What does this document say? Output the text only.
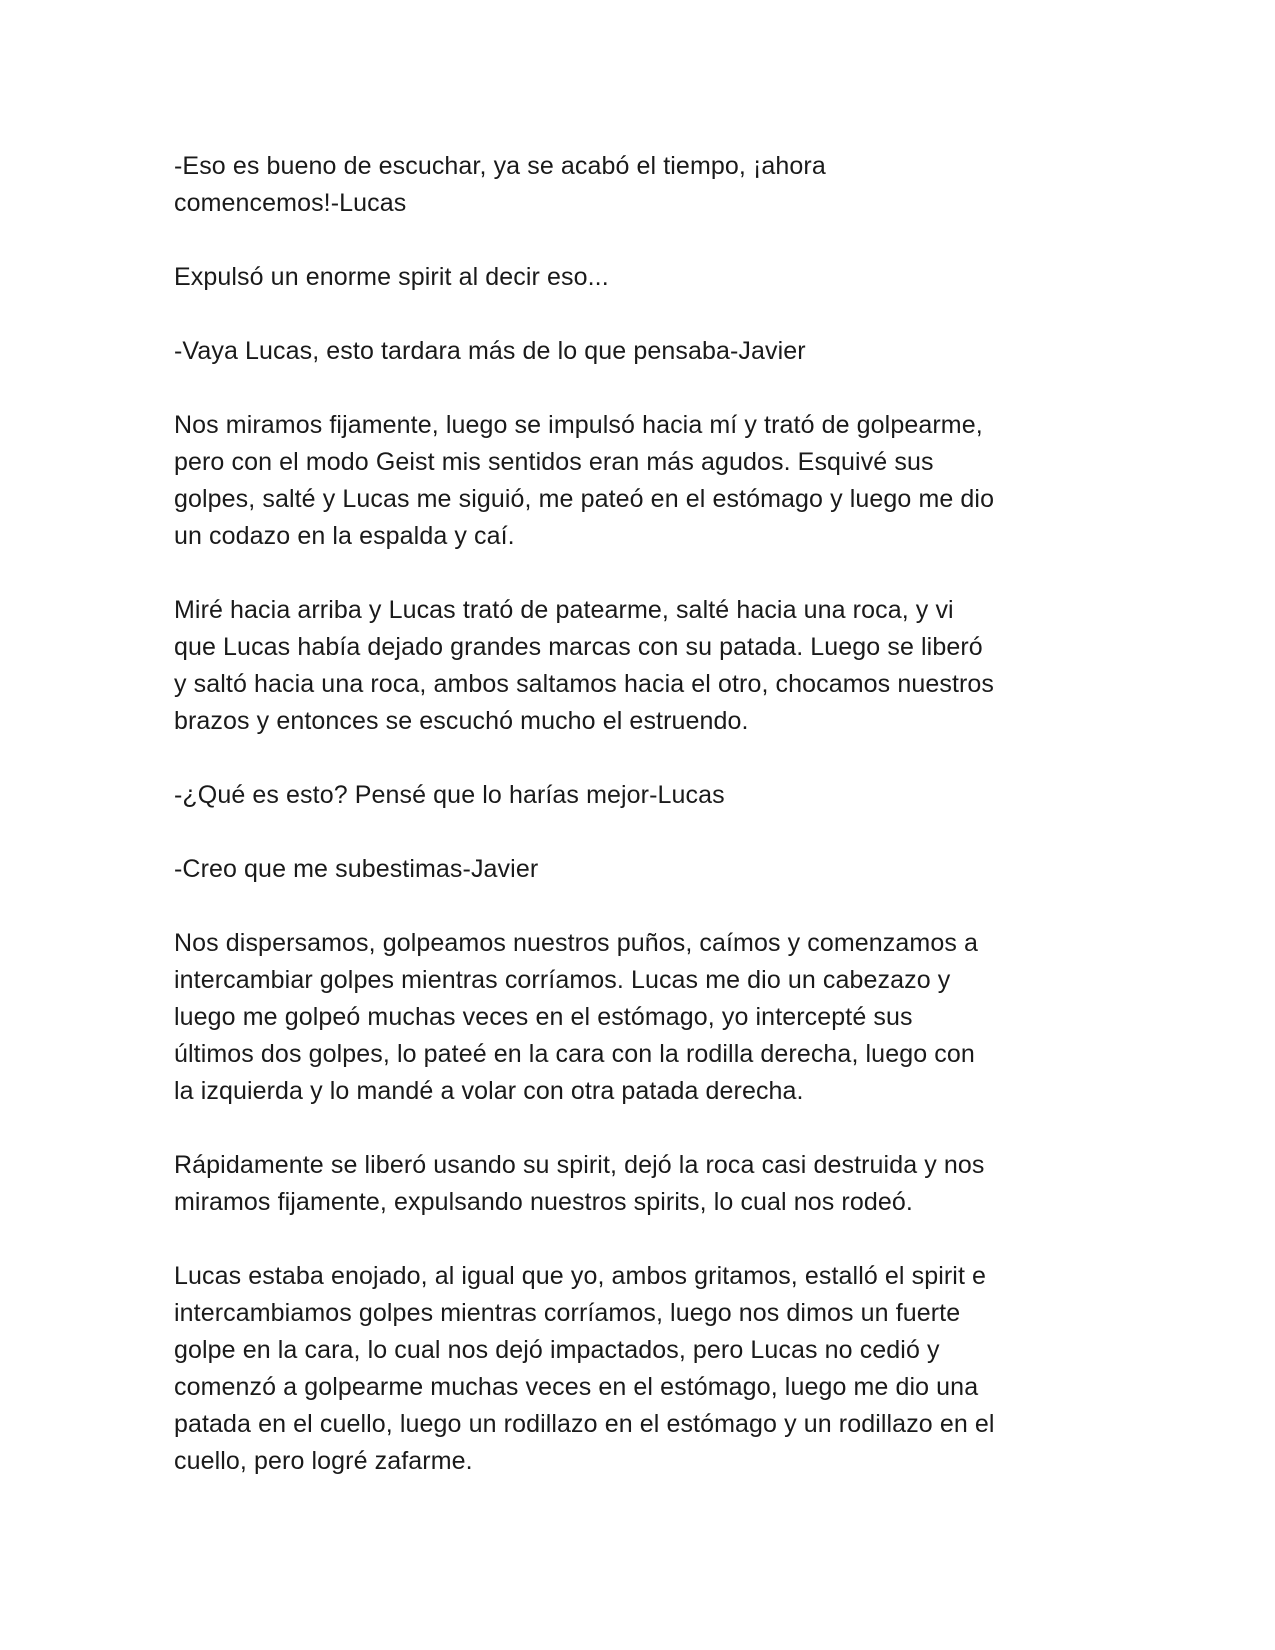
-Eso es bueno de escuchar, ya se acabó el tiempo, ¡ahora
comencemos!-Lucas

Expulsó un enorme spirit al decir eso...

-Vaya Lucas, esto tardara más de lo que pensaba-Javier

Nos miramos fijamente, luego se impulsó hacia mí y trató de golpearme,
pero con el modo Geist mis sentidos eran más agudos. Esquivé sus
golpes, salté y Lucas me siguió, me pateó en el estómago y luego me dio
un codazo en la espalda y caí.

Miré hacia arriba y Lucas trató de patearme, salté hacia una roca, y vi
que Lucas había dejado grandes marcas con su patada. Luego se liberó
y saltó hacia una roca, ambos saltamos hacia el otro, chocamos nuestros
brazos y entonces se escuchó mucho el estruendo.

-¿Qué es esto? Pensé que lo harías mejor-Lucas

-Creo que me subestimas-Javier

Nos dispersamos, golpeamos nuestros puños, caímos y comenzamos a
intercambiar golpes mientras corríamos. Lucas me dio un cabezazo y
luego me golpeó muchas veces en el estómago, yo intercepté sus
últimos dos golpes, lo pateé en la cara con la rodilla derecha, luego con
la izquierda y lo mandé a volar con otra patada derecha.

Rápidamente se liberó usando su spirit, dejó la roca casi destruida y nos
miramos fijamente, expulsando nuestros spirits, lo cual nos rodeó.

Lucas estaba enojado, al igual que yo, ambos gritamos, estalló el spirit e
intercambiamos golpes mientras corríamos, luego nos dimos un fuerte
golpe en la cara, lo cual nos dejó impactados, pero Lucas no cedió y
comenzó a golpearme muchas veces en el estómago, luego me dio una
patada en el cuello, luego un rodillazo en el estómago y un rodillazo en el
cuello, pero logré zafarme.
